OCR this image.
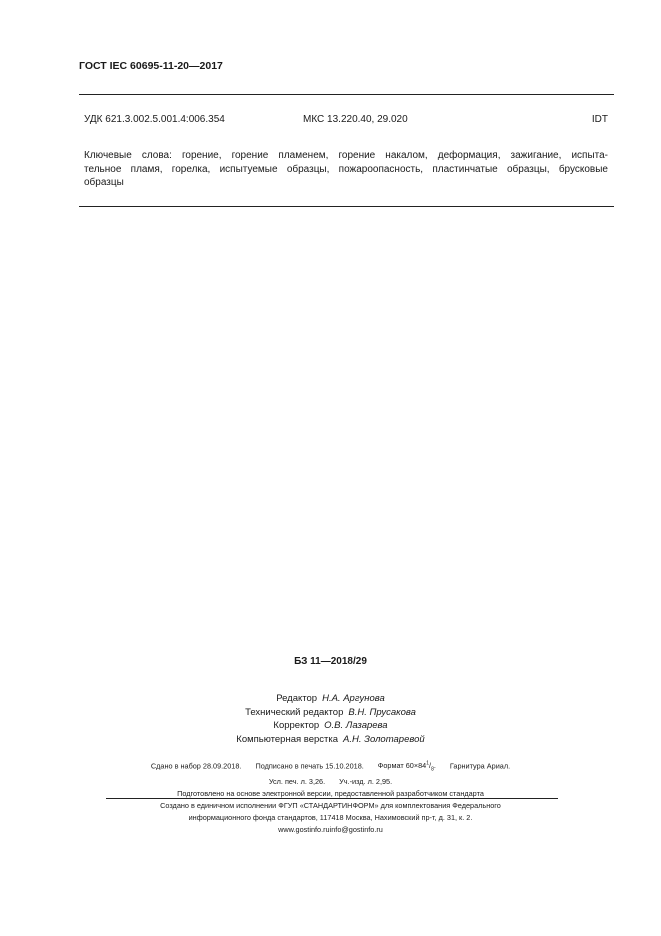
ГОСТ IEC 60695-11-20—2017
УДК 621.3.002.5.001.4:006.354	МКС 13.220.40, 29.020	IDT
Ключевые слова: горение, горение пламенем, горение накалом, деформация, зажигание, испыта-
тельное пламя, горелка, испытуемые образцы, пожароопасность, пластинчатые образцы, брусковые
образцы
БЗ 11—2018/29
Редактор Н.А. Аргунова
Технический редактор В.Н. Прусакова
Корректор О.В. Лазарева
Компьютерная верстка А.Н. Золотаревой
Сдано в набор 28.09.2018. Подписано в печать 15.10.2018. Формат $60\times 84^1/_8$. Гарнитура Ариал.
Усл. печ. л. 3,26. Уч.-изд. л. 2,95.
Подготовлено на основе электронной версии, предоставленной разработчиком стандарта
Создано в единичном исполнении ФГУП «СТАНДАРТИНФОРМ» для комплектования Федерального
информационного фонда стандартов, 117418 Москва, Нахимовский пр-т, д. 31, к. 2.
www.gostinfo.ruinfo@gostinfo.ru
